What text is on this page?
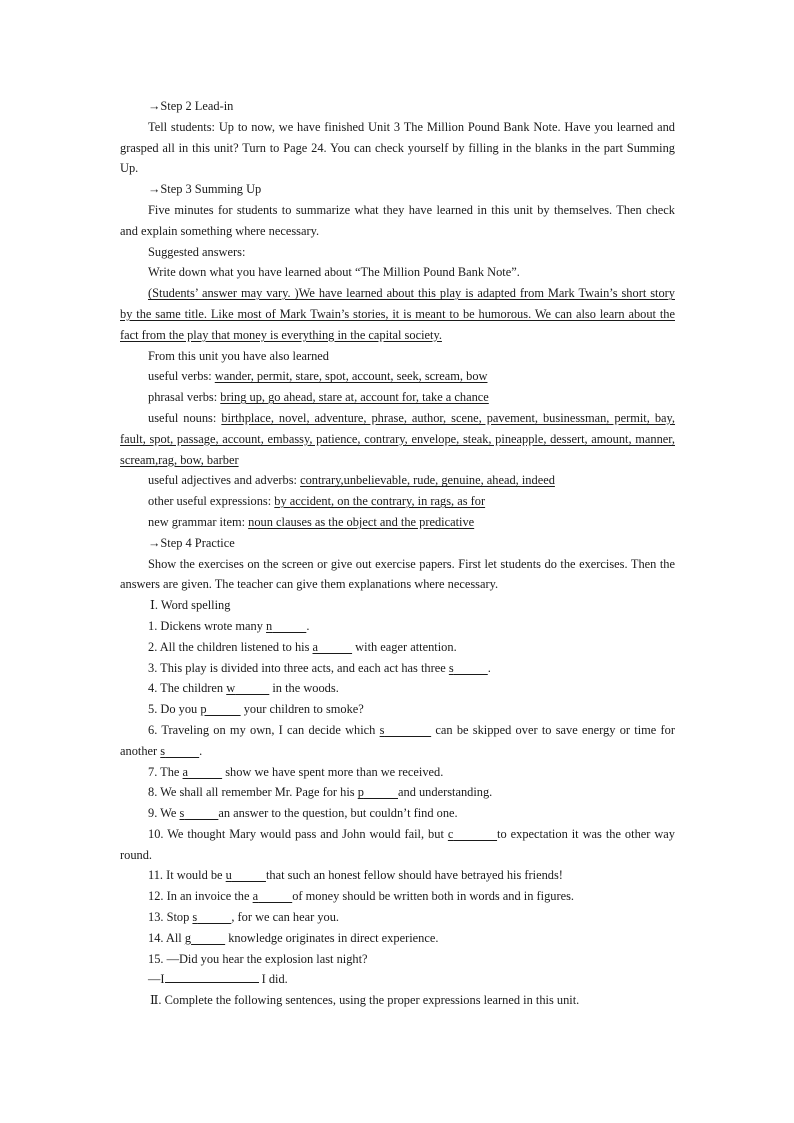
→Step 2 Lead-in

Tell students: Up to now, we have finished Unit 3 The Million Pound Bank Note. Have you learned and grasped all in this unit? Turn to Page 24. You can check yourself by filling in the blanks in the part Summing Up.

→Step 3 Summing Up

Five minutes for students to summarize what they have learned in this unit by themselves. Then check and explain something where necessary.

Suggested answers:

Write down what you have learned about “The Million Pound Bank Note”.

(Students’ answer may vary. )We have learned about this play is adapted from Mark Twain’s short story by the same title. Like most of Mark Twain’s stories, it is meant to be humorous. We can also learn about the fact from the play that money is everything in the capital society.

From this unit you have also learned

useful verbs: wander, permit, stare, spot, account, seek, scream, bow

phrasal verbs: bring up, go ahead, stare at, account for, take a chance

useful nouns: birthplace, novel, adventure, phrase, author, scene, pavement, businessman, permit, bay, fault, spot, passage, account, embassy, patience, contrary, envelope, steak, pineapple, dessert, amount, manner, scream,rag, bow, barber

useful adjectives and adverbs: contrary,unbelievable, rude, genuine, ahead, indeed

other useful expressions: by accident, on the contrary, in rags, as for

new grammar item: noun clauses as the object and the predicative

→Step 4 Practice

Show the exercises on the screen or give out exercise papers. First let students do the exercises. Then the answers are given. The teacher can give them explanations where necessary.

Ⅰ. Word spelling

1. Dickens wrote many n	.

2. All the children listened to his a	with eager attention.

3. This play is divided into three acts, and each act has three s	.

4. The children w	in the woods.

5. Do you p	your children to smoke?

6. Traveling on my own, I can decide which s	can be skipped over to save energy or time for another s	.

7. The a	show we have spent more than we received.

8. We shall all remember Mr. Page for his p	and understanding.

9. We s	an answer to the question, but couldn’t find one.

10. We thought Mary would pass and John would fail, but c	to expectation it was the other way round.

11. It would be u	that such an honest fellow should have betrayed his friends!

12. In an invoice the a	of money should be written both in words and in figures.

13. Stop s	, for we can hear you.

14. All g	knowledge originates in direct experience.

15. —Did you hear the explosion last night?

—I	I did.

Ⅱ. Complete the following sentences, using the proper expressions learned in this unit.
